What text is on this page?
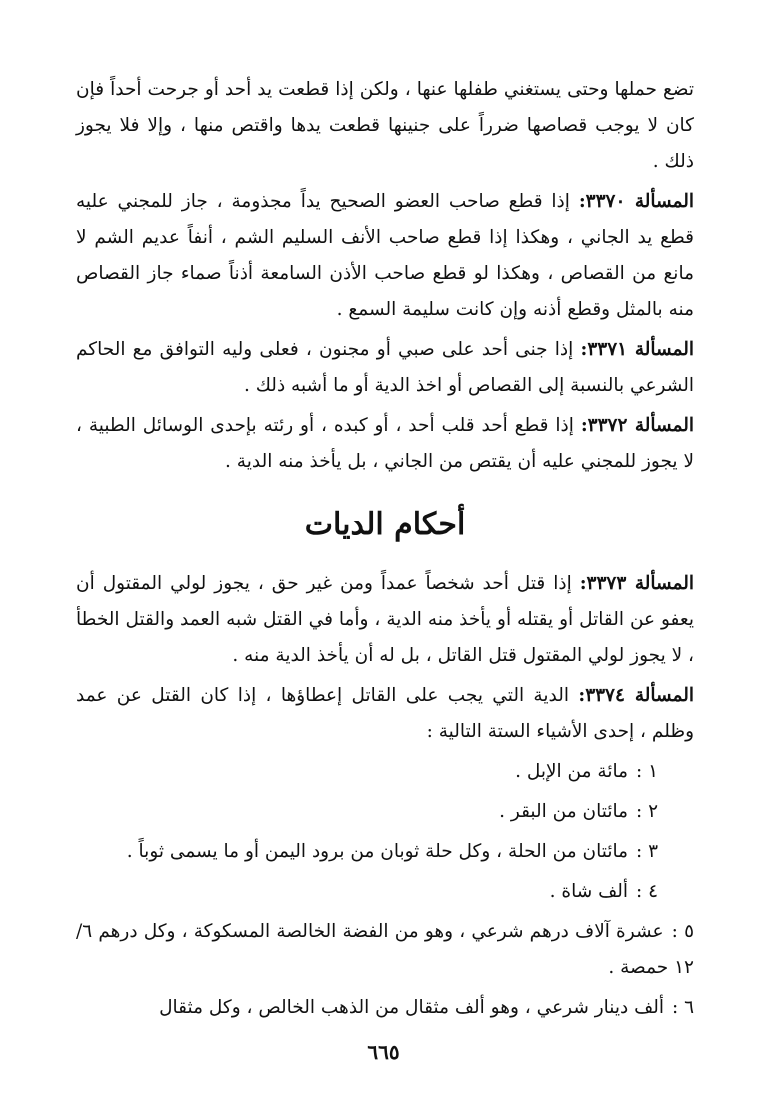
تضع حملها وحتى يستغني طفلها عنها ، ولكن إذا قطعت يد أحد أو جرحت أحداً فإن كان لا يوجب قصاصها ضرراً على جنينها قطعت يدها واقتص منها ، وإلا فلا يجوز ذلك .

المسألة ٣٣٧٠: إذا قطع صاحب العضو الصحيح يداً مجذومة ، جاز للمجني عليه قطع يد الجاني ، وهكذا إذا قطع صاحب الأنف السليم الشم ، أنفاً عديم الشم لا مانع من القصاص ، وهكذا لو قطع صاحب الأذن السامعة أذناً صماء جاز القصاص منه بالمثل وقطع أذنه وإن كانت سليمة السمع .

المسألة ٣٣٧١: إذا جنى أحد على صبي أو مجنون ، فعلى وليه التوافق مع الحاكم الشرعي بالنسبة إلى القصاص أو اخذ الدية أو ما أشبه ذلك .

المسألة ٣٣٧٢: إذا قطع أحد قلب أحد ، أو كبده ، أو رئته بإحدى الوسائل الطبية ، لا يجوز للمجني عليه أن يقتص من الجاني ، بل يأخذ منه الدية .

أحكام الديات

المسألة ٣٣٧٣: إذا قتل أحد شخصاً عمداً ومن غير حق ، يجوز لولي المقتول أن يعفو عن القاتل أو يقتله أو يأخذ منه الدية ، وأما في القتل شبه العمد والقتل الخطأ ، لا يجوز لولي المقتول قتل القاتل ، بل له أن يأخذ الدية منه .

المسألة ٣٣٧٤: الدية التي يجب على القاتل إعطاؤها ، إذا كان القتل عن عمد وظلم ، إحدى الأشياء الستة التالية :

١ : مائة من الإبل .
٢ : مائتان من البقر .
٣ : مائتان من الحلة ، وكل حلة ثوبان من برود اليمن أو ما يسمى ثوباً .
٤ : ألف شاة .
٥ : عشرة آلاف درهم شرعي ، وهو من الفضة الخالصة المسكوكة ، وكل درهم ٦/ ١٢ حمصة .
٦ : ألف دينار شرعي ، وهو ألف مثقال من الذهب الخالص ، وكل مثقال
٦٦٥
